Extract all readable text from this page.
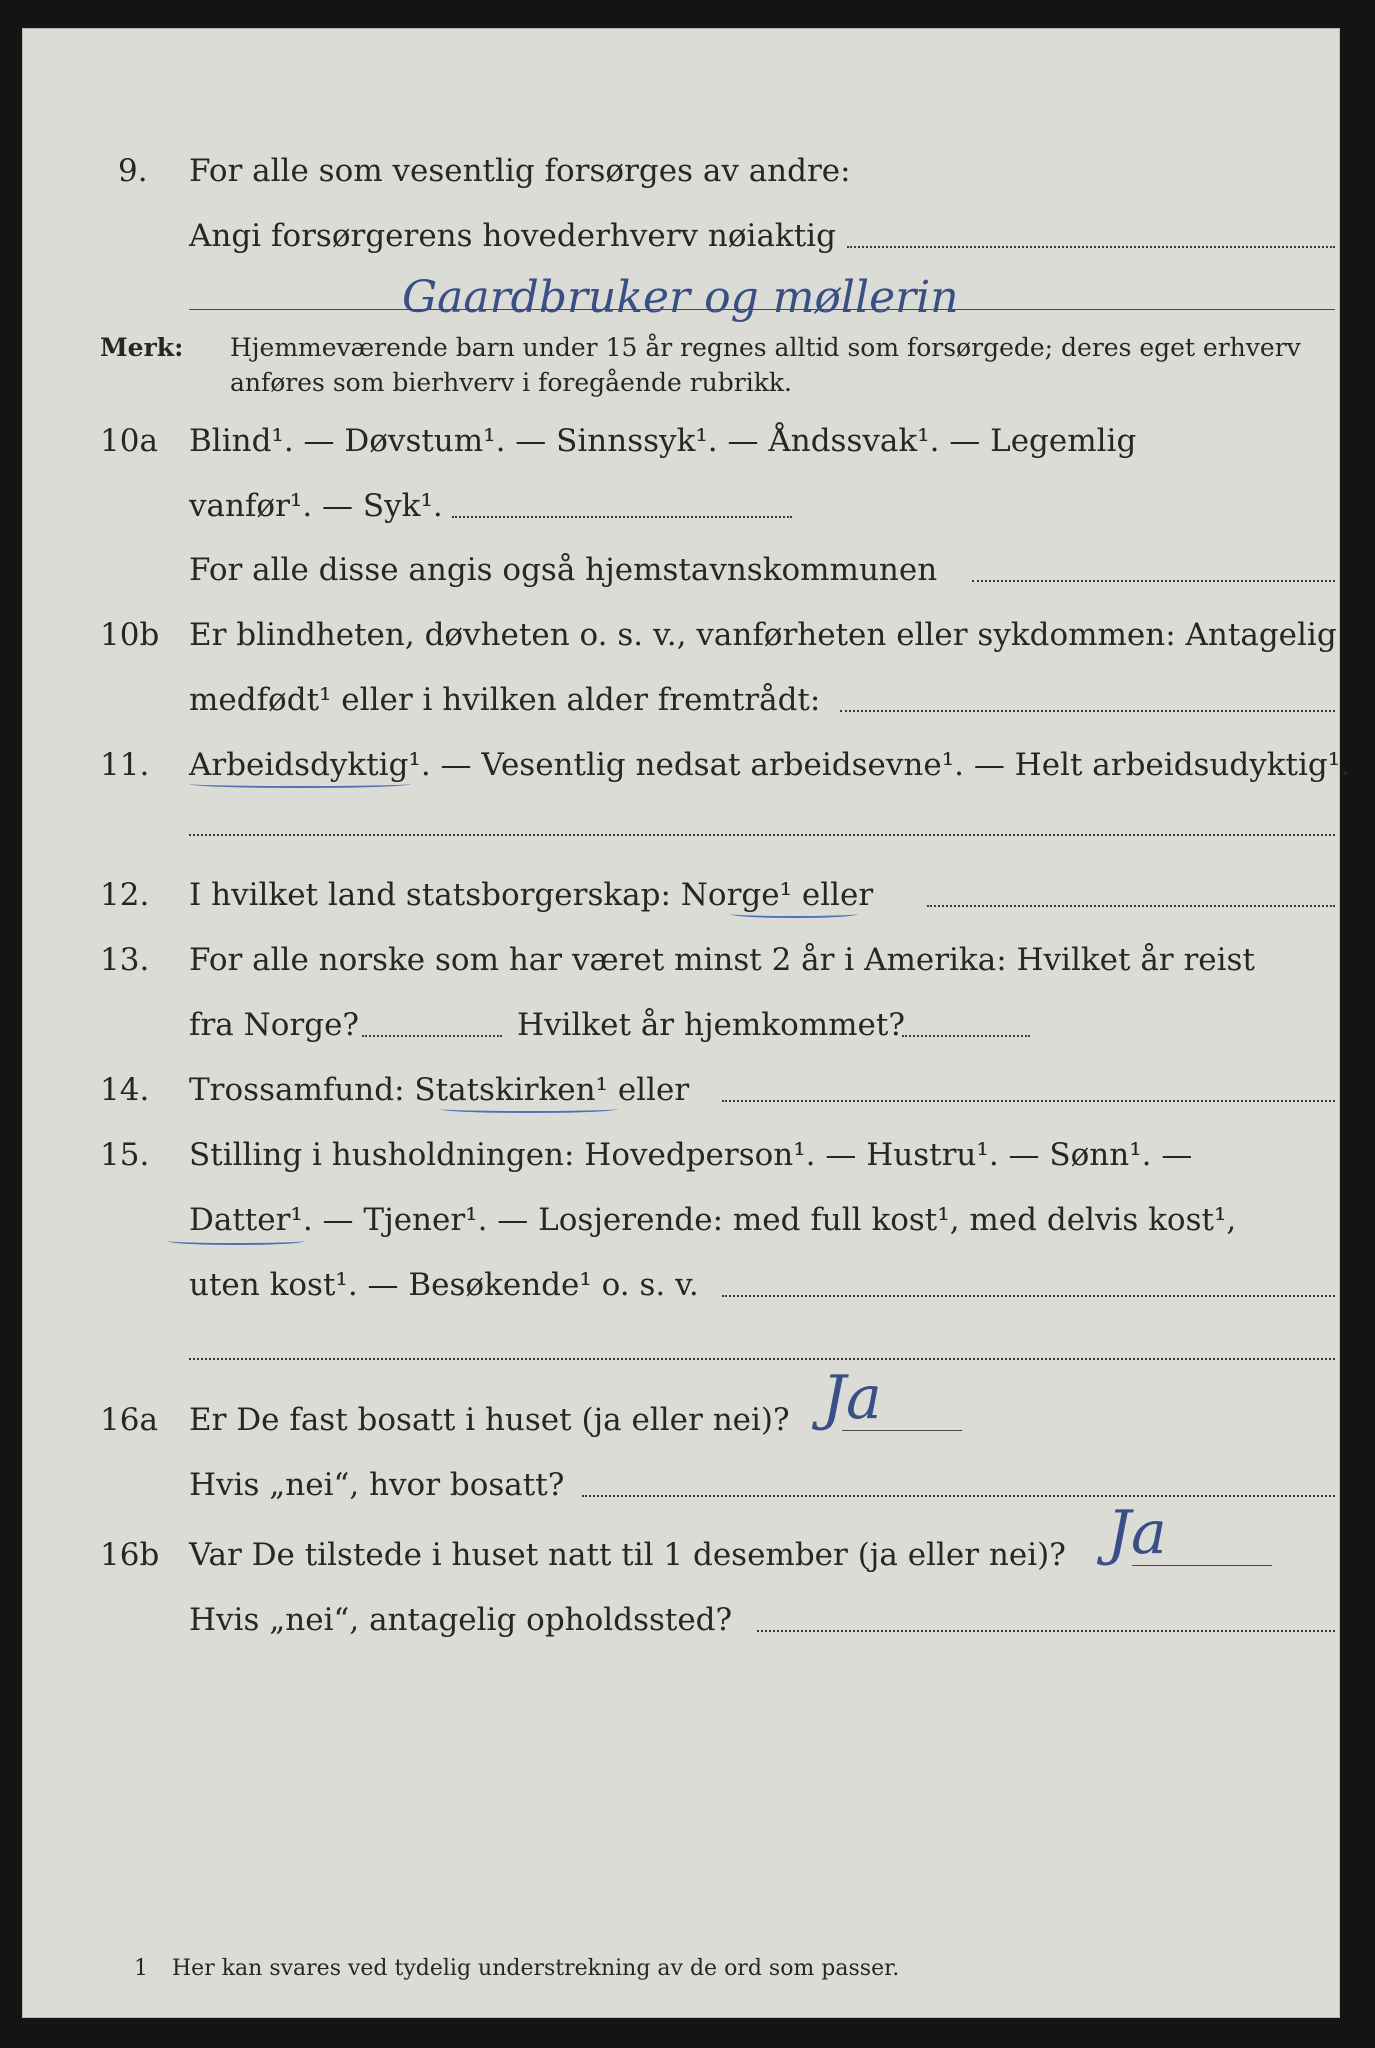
9. For alle som vesentlig forsørges av andre:
Angi forsørgerens hovederhverv nøiaktig
Gaardbruker og møllerin
Merk: Hjemmeværende barn under 15 år regnes alltid som forsørgede; deres eget erhverv
anføres som bierhverv i foregående rubrikk.
10a Blind¹. — Døvstum¹. — Sinnssyk¹. — Åndssvak¹. — Legemlig
vanfør¹. — Syk¹.
For alle disse angis også hjemstavnskommunen
10b Er blindheten, døvheten o. s. v., vanførheten eller sykdommen: Antagelig
medfødt¹ eller i hvilken alder fremtrådt:
11. Arbeidsdyktig¹. — Vesentlig nedsat arbeidsevne¹. — Helt arbeidsudyktig¹.
12. I hvilket land statsborgerskap: Norge¹ eller
13. For alle norske som har været minst 2 år i Amerika: Hvilket år reist
fra Norge?	Hvilket år hjemkommet?
14. Trossamfund: Statskirken¹ eller
15. Stilling i husholdningen: Hovedperson¹. — Hustru¹. — Sønn¹. —
Datter¹. — Tjener¹. — Losjerende: med full kost¹, med delvis kost¹,
uten kost¹. — Besøkende¹ o. s. v.
16a Er De fast bosatt i huset (ja eller nei)? Ja
Hvis „nei“, hvor bosatt?
16b Var De tilstede i huset natt til 1 desember (ja eller nei)? Ja
Hvis „nei“, antagelig opholdssted?
1 Her kan svares ved tydelig understrekning av de ord som passer.
